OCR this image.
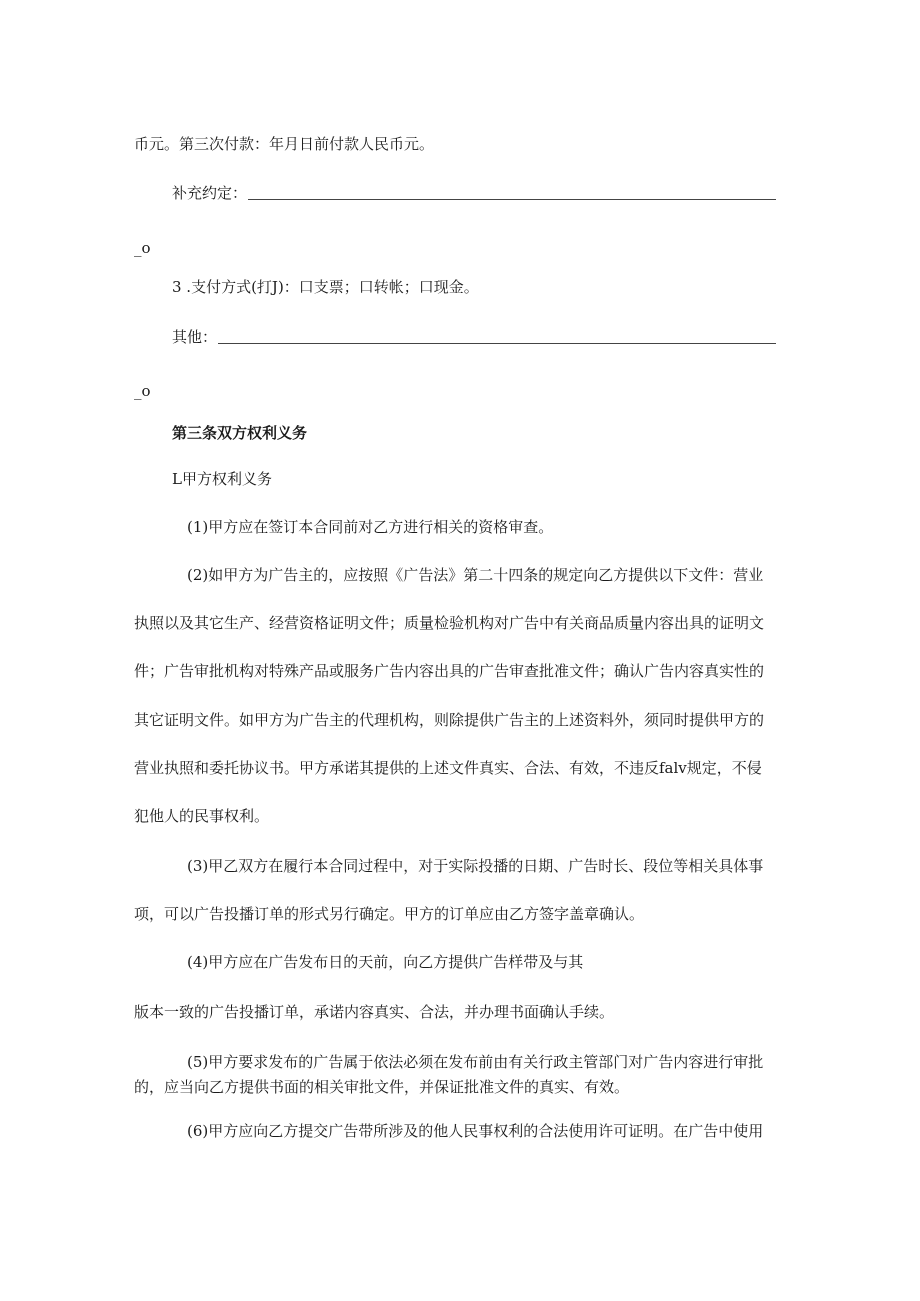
币元。第三次付款：年月日前付款人民币元。
补充约定：
_o
3 .支付方式(打J)：口支票；口转帐；口现金。
其他：
_o
第三条双方权利义务
L甲方权利义务
(1)甲方应在签订本合同前对乙方进行相关的资格审查。
(2)如甲方为广告主的，应按照《广告法》第二十四条的规定向乙方提供以下文件：营业
执照以及其它生产、经营资格证明文件；质量检验机构对广告中有关商品质量内容出具的证明文
件；广告审批机构对特殊产品或服务广告内容出具的广告审查批准文件；确认广告内容真实性的
其它证明文件。如甲方为广告主的代理机构，则除提供广告主的上述资料外，须同时提供甲方的
营业执照和委托协议书。甲方承诺其提供的上述文件真实、合法、有效，不违反falv规定，不侵
犯他人的民事权利。
(3)甲乙双方在履行本合同过程中，对于实际投播的日期、广告时长、段位等相关具体事
项，可以广告投播订单的形式另行确定。甲方的订单应由乙方签字盖章确认。
(4)甲方应在广告发布日的天前，向乙方提供广告样带及与其
版本一致的广告投播订单，承诺内容真实、合法，并办理书面确认手续。
(5)甲方要求发布的广告属于依法必须在发布前由有关行政主管部门对广告内容进行审批
的，应当向乙方提供书面的相关审批文件，并保证批准文件的真实、有效。
(6)甲方应向乙方提交广告带所涉及的他人民事权利的合法使用许可证明。在广告中使用
